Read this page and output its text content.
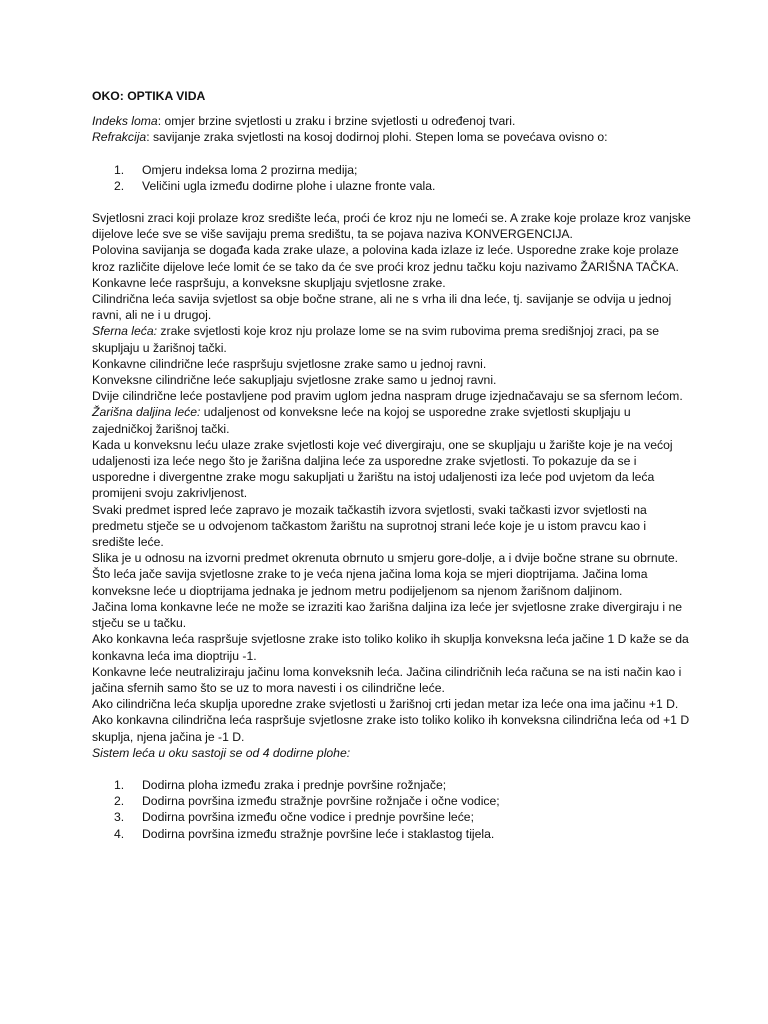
OKO: OPTIKA VIDA

Indeks loma: omjer brzine svjetlosti u zraku i brzine svjetlosti u određenoj tvari.

Refrakcija: savijanje zraka svjetlosti na kosoj dodirnoj plohi. Stepen loma se povećava ovisno o:

1. Omjeru indeksa loma 2 prozirna medija;
2. Veličini ugla između dodirne plohe i ulazne fronte vala.

Svjetlosni zraci koji prolaze kroz središte leća, proći će kroz nju ne lomeći se. A zrake koje prolaze kroz vanjske dijelove leće sve se više savijaju prema središtu, ta se pojava naziva KONVERGENCIJA.

Polovina savijanja se događa kada zrake ulaze, a polovina kada izlaze iz leće. Usporedne zrake koje prolaze kroz različite dijelove leće lomit će se tako da će sve proći kroz jednu tačku koju nazivamo ŽARIŠNA TAČKA.

Konkavne leće raspršuju, a konveksne skupljaju svjetlosne zrake.

Cilindrična leća savija svjetlost sa obje bočne strane, ali ne s vrha ili dna leće, tj. savijanje se odvija u jednoj ravni, ali ne i u drugoj.

Sferna leća: zrake svjetlosti koje kroz nju prolaze lome se na svim rubovima prema središnjoj zraci, pa se skupljaju u žarišnoj tački.

Konkavne cilindrične leće raspršuju svjetlosne zrake samo u jednoj ravni.

Konveksne cilindrične leće sakupljaju svjetlosne zrake samo u jednoj ravni.

Dvije cilindrične leće postavljene pod pravim uglom jedna naspram druge izjednačavaju se sa sfernom lećom.

Žarišna daljina leće: udaljenost od konveksne leće na kojoj se usporedne zrake svjetlosti skupljaju u zajedničkoj žarišnoj tački.

Kada u konveksnu leću ulaze zrake svjetlosti koje već divergiraju, one se skupljaju u žarište koje je na većoj udaljenosti iza leće nego što je žarišna daljina leće za usporedne zrake svjetlosti. To pokazuje da se i usporedne i divergentne zrake mogu sakupljati u žarištu na istoj udaljenosti iza leće pod uvjetom da leća promijeni svoju zakrivljenost.

Svaki predmet ispred leće zapravo je mozaik tačkastih izvora svjetlosti, svaki tačkasti izvor svjetlosti na predmetu stječe se u odvojenom tačkastom žarištu na suprotnoj strani leće koje je u istom pravcu kao i središte leće.

Slika je u odnosu na izvorni predmet okrenuta obrnuto u smjeru gore-dolje, a i dvije bočne strane su obrnute.

Što leća jače savija svjetlosne zrake to je veća njena jačina loma koja se mjeri dioptrijama. Jačina loma konveksne leće u dioptrijama jednaka je jednom metru podijeljenom sa njenom žarišnom daljinom.

Jačina loma konkavne leće ne može se izraziti kao žarišna daljina iza leće jer svjetlosne zrake divergiraju i ne stječu se u tačku.

Ako konkavna leća raspršuje svjetlosne zrake isto toliko koliko ih skuplja konveksna leća jačine 1 D kaže se da konkavna leća ima dioptriju -1.

Konkavne leće neutraliziraju jačinu loma konveksnih leća. Jačina cilindričnih leća računa se na isti način kao i jačina sfernih samo što se uz to mora navesti i os cilindrične leće.

Ako cilindrična leća skuplja uporedne zrake svjetlosti u žarišnoj crti jedan metar iza leće ona ima jačinu +1 D.

Ako konkavna cilindrična leća raspršuje svjetlosne zrake isto toliko koliko ih konveksna cilindrična leća od +1 D skuplja, njena jačina je -1 D.

Sistem leća u oku sastoji se od 4 dodirne plohe:

1. Dodirna ploha između zraka i prednje površine rožnjače;
2. Dodirna površina između stražnje površine rožnjače i očne vodice;
3. Dodirna površina između očne vodice i prednje površine leće;
4. Dodirna površina između stražnje površine leće i staklastog tijela.
